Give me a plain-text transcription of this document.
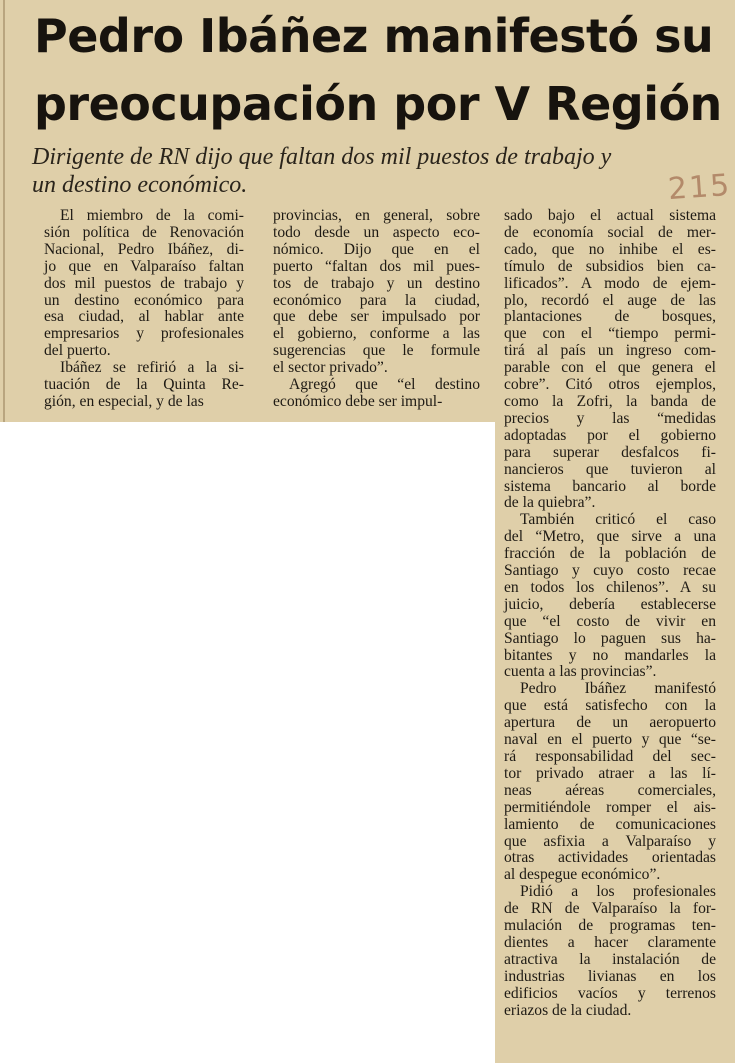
Pedro Ibáñez manifestó su
preocupación por V Región
Dirigente de RN dijo que faltan dos mil puestos de trabajo y
un destino económico.	215
El miembro de la comi-
sión política de Renovación
Nacional, Pedro Ibáñez, di-
jo que en Valparaíso faltan
dos mil puestos de trabajo y
un destino económico para
esa ciudad, al hablar ante
empresarios y profesionales
del puerto.
Ibáñez se refirió a la si-
tuación de la Quinta Re-
gión, en especial, y de las
provincias, en general, sobre
todo desde un aspecto eco-
nómico. Dijo que en el
puerto “faltan dos mil pues-
tos de trabajo y un destino
económico para la ciudad,
que debe ser impulsado por
el gobierno, conforme a las
sugerencias que le formule
el sector privado”.
Agregó que “el destino
económico debe ser impul-
sado bajo el actual sistema
de economía social de mer-
cado, que no inhibe el es-
tímulo de subsidios bien ca-
lificados”. A modo de ejem-
plo, recordó el auge de las
plantaciones de bosques,
que con el “tiempo permi-
tirá al país un ingreso com-
parable con el que genera el
cobre”. Citó otros ejemplos,
como la Zofri, la banda de
precios y las “medidas
adoptadas por el gobierno
para superar desfalcos fi-
nancieros que tuvieron al
sistema bancario al borde
de la quiebra”.
También criticó el caso
del “Metro, que sirve a una
fracción de la población de
Santiago y cuyo costo recae
en todos los chilenos”. A su
juicio, debería establecerse
que “el costo de vivir en
Santiago lo paguen sus ha-
bitantes y no mandarles la
cuenta a las provincias”.
Pedro Ibáñez manifestó
que está satisfecho con la
apertura de un aeropuerto
naval en el puerto y que “se-
rá responsabilidad del sec-
tor privado atraer a las lí-
neas aéreas comerciales,
permitiéndole romper el ais-
lamiento de comunicaciones
que asfixia a Valparaíso y
otras actividades orientadas
al despegue económico”.
Pidió a los profesionales
de RN de Valparaíso la for-
mulación de programas ten-
dientes a hacer claramente
atractiva la instalación de
industrias livianas en los
edificios vacíos y terrenos
eriazos de la ciudad.
